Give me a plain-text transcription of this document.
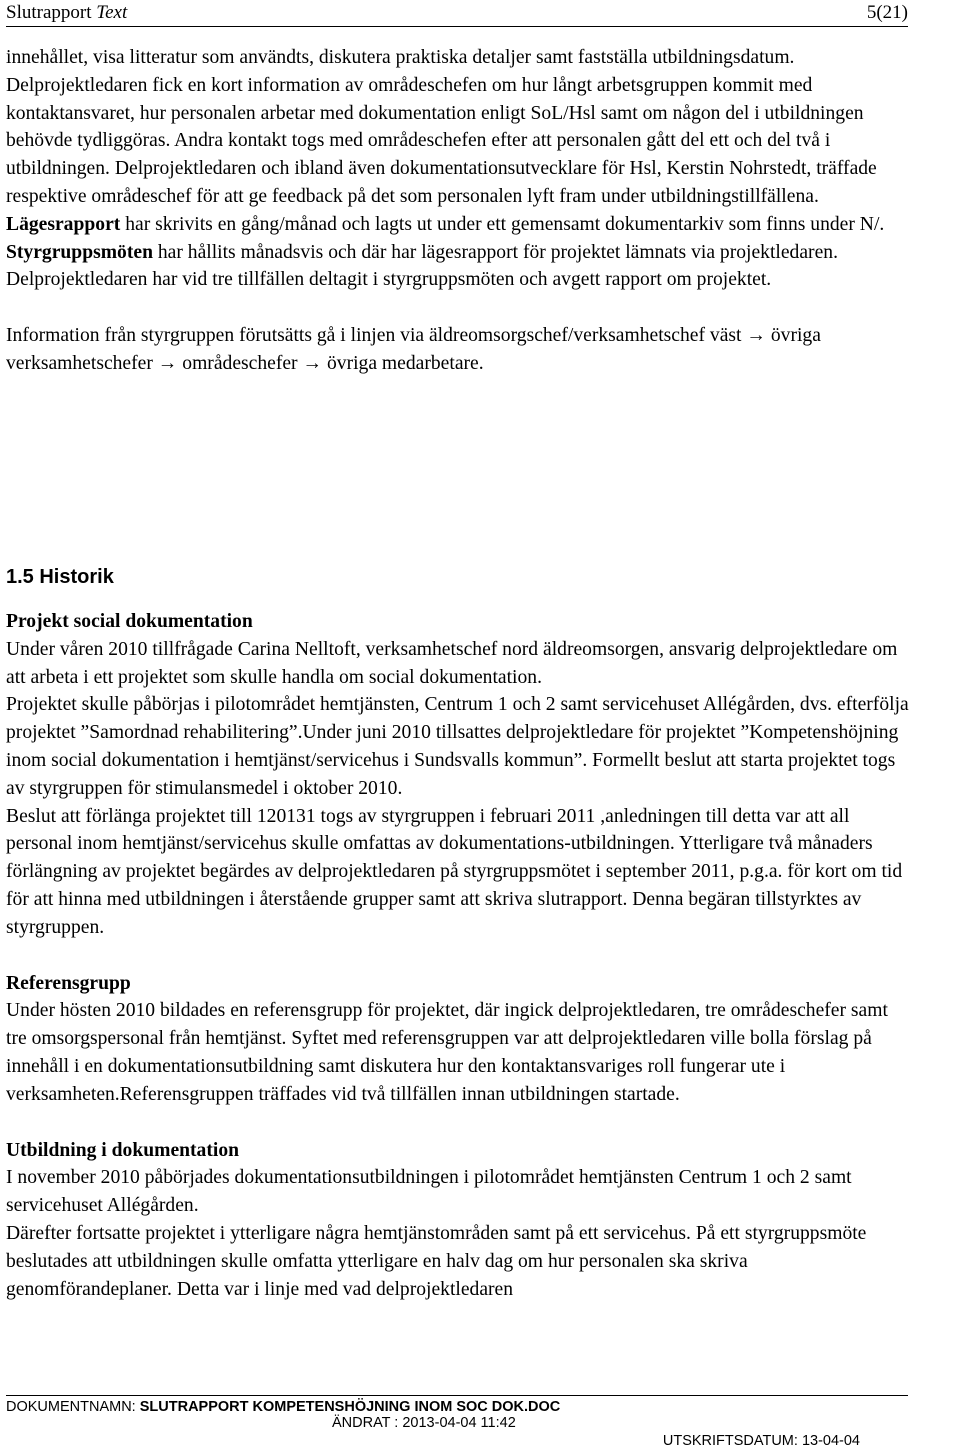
Slutrapport Text	5(21)

innehållet, visa litteratur som användts, diskutera praktiska detaljer samt fastställa utbildningsdatum. Delprojektledaren fick en kort information av områdeschefen om hur långt arbetsgruppen kommit med kontaktansvaret, hur personalen arbetar med dokumentation enligt SoL/Hsl samt om någon del i utbildningen behövde tydliggöras. Andra kontakt togs med områdeschefen efter att personalen gått del ett och del två i utbildningen. Delprojektledaren och ibland även dokumentationsutvecklare för Hsl, Kerstin Nohrstedt, träffade respektive områdeschef för att ge feedback på det som personalen lyft fram under utbildningstillfällena.

Lägesrapport har skrivits en gång/månad och lagts ut under ett gemensamt dokumentarkiv som finns under N/.

Styrgruppsmöten har hållits månadsvis och där har lägesrapport för projektet lämnats via projektledaren.

Delprojektledaren har vid tre tillfällen deltagit i styrgruppsmöten och avgett rapport om projektet.

Information från styrgruppen förutsätts gå i linjen via äldreomsorgschef/verksamhetschef väst → övriga verksamhetschefer → områdeschefer → övriga medarbetare.

1.5 Historik

Projekt social dokumentation

Under våren 2010 tillfrågade Carina Nelltoft, verksamhetschef nord äldreomsorgen, ansvarig delprojektledare om att arbeta i ett projektet som skulle handla om social dokumentation.

Projektet skulle påbörjas i pilotområdet hemtjänsten, Centrum 1 och 2 samt servicehuset Allégården, dvs. efterfölja projektet ”Samordnad rehabilitering”.Under juni 2010 tillsattes delprojektledare för projektet ”Kompetenshöjning inom social dokumentation i hemtjänst/servicehus i Sundsvalls kommun”. Formellt beslut att starta projektet togs av styrgruppen för stimulansmedel i oktober 2010.

Beslut att förlänga projektet till 120131 togs av styrgruppen i februari 2011 ,anledningen till detta var att all personal inom hemtjänst/servicehus skulle omfattas av dokumentations-utbildningen. Ytterligare två månaders förlängning av projektet begärdes av delprojektledaren på styrgruppsmötet i september 2011, p.g.a. för kort om tid för att hinna med utbildningen i återstående grupper samt att skriva slutrapport. Denna begäran tillstyrktes av styrgruppen.

Referensgrupp

Under hösten 2010 bildades en referensgrupp för projektet, där ingick delprojektledaren, tre områdeschefer samt tre omsorgspersonal från hemtjänst. Syftet med referensgruppen var att delprojektledaren ville bolla förslag på innehåll i en dokumentationsutbildning samt diskutera hur den kontaktansvariges roll fungerar ute i verksamheten.Referensgruppen träffades vid två tillfällen innan utbildningen startade.

Utbildning i dokumentation

I november 2010 påbörjades dokumentationsutbildningen i pilotområdet hemtjänsten Centrum 1 och 2 samt servicehuset Allégården.

Därefter fortsatte projektet i ytterligare några hemtjänstområden samt på ett servicehus. På ett styrgruppsmöte beslutades att utbildningen skulle omfatta ytterligare en halv dag om hur personalen ska skriva genomförandeplaner. Detta var i linje med vad delprojektledaren

DOKUMENTNAMN: SLUTRAPPORT KOMPETENSHÖJNING INOM SOC DOK.DOC
ÄNDRAT : 2013-04-04 11:42
UTSKRIFTSDATUM: 13-04-04
